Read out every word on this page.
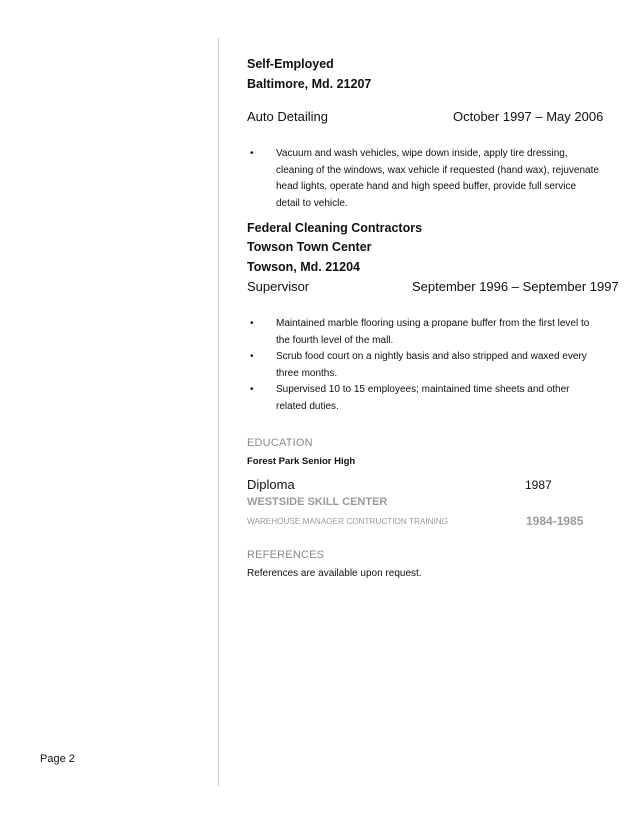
Page 2
Self-Employed
Baltimore, Md. 21207
Auto Detailing	October 1997 – May 2006
• Vacuum and wash vehicles, wipe down inside, apply tire dressing, cleaning of the windows, wax vehicle if requested (hand wax), rejuvenate head lights, operate hand and high speed buffer, provide full service detail to vehicle.
Federal Cleaning Contractors
Towson Town Center
Towson, Md. 21204
Supervisor	September 1996 – September 1997
• Maintained marble flooring using a propane buffer from the first level to the fourth level of the mall.
• Scrub food court on a nightly basis and also stripped and waxed every three months.
• Supervised 10 to 15 employees; maintained time sheets and other related duties.
EDUCATION
Forest Park Senior High
Diploma	1987
WESTSIDE SKILL CENTER
WAREHOUSE MANAGER CONTRUCTION TRAINING	1984-1985
REFERENCES
References are available upon request.
